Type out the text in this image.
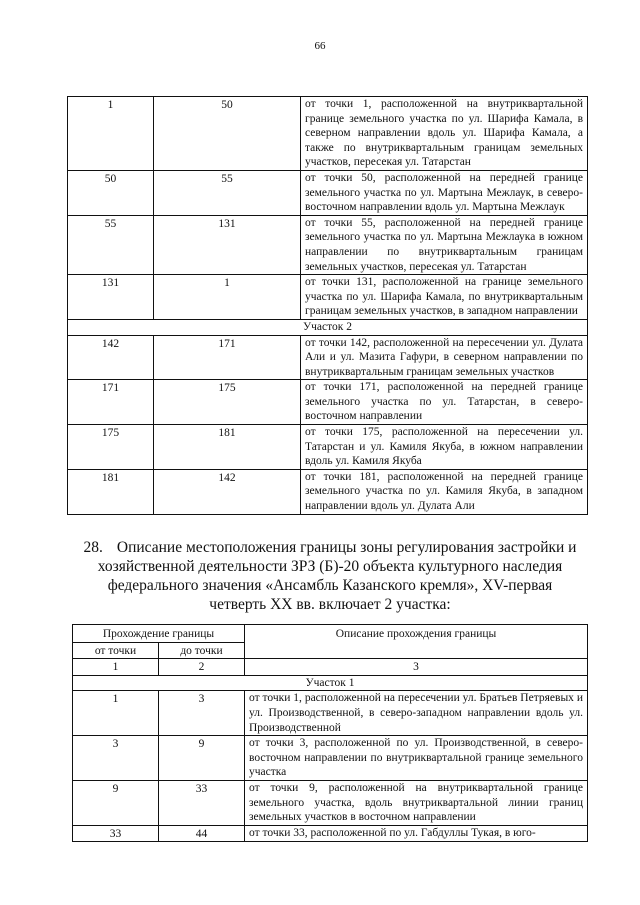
66
1	50	от точки 1, расположенной на внутриквартальной границе земельного участка по ул. Шарифа Камала, в северном направлении вдоль ул. Шарифа Камала, а также по внутриквартальным границам земельных участков, пересекая ул. Татарстан
50	55	от точки 50, расположенной на передней границе земельного участка по ул. Мартына Межлаук, в северо-восточном направлении вдоль ул. Мартына Межлаук
55	131	от точки 55, расположенной на передней границе земельного участка по ул. Мартына Межлаука в южном направлении по внутриквартальным границам земельных участков, пересекая ул. Татарстан
131	1	от точки 131, расположенной на границе земельного участка по ул. Шарифа Камала, по внутриквартальным границам земельных участков, в западном направлении
Участок 2		
142	171	от точки 142, расположенной на пересечении ул. Дулата Али и ул. Мазита Гафури, в северном направлении по внутриквартальным границам земельных участков
171	175	от точки 171, расположенной на передней границе земельного участка по ул. Татарстан, в северо-восточном направлении
175	181	от точки 175, расположенной на пересечении ул. Татарстан и ул. Камиля Якуба, в южном направлении вдоль ул. Камиля Якуба
181	142	от точки 181, расположенной на передней границе земельного участка по ул. Камиля Якуба, в западном направлении вдоль ул. Дулата Али
28. Описание местоположения границы зоны регулирования застройки и хозяйственной деятельности ЗРЗ (Б)-20 объекта культурного наследия федерального значения «Ансамбль Казанского кремля», XV-первая четверть XX вв. включает 2 участка:
Прохождение границы		Описание прохождения границы
от точки	до точки	
1	2	3
Участок 1		
1	3	от точки 1, расположенной на пересечении ул. Братьев Петряевых и ул. Производственной, в северо-западном направлении вдоль ул. Производственной
3	9	от точки 3, расположенной по ул. Производственной, в северо-восточном направлении по внутриквартальной границе земельного участка
9	33	от точки 9, расположенной на внутриквартальной границе земельного участка, вдоль внутриквартальной линии границ земельных участков в восточном направлении
33	44	от точки 33, расположенной по ул. Габдуллы Тукая, в юго-
